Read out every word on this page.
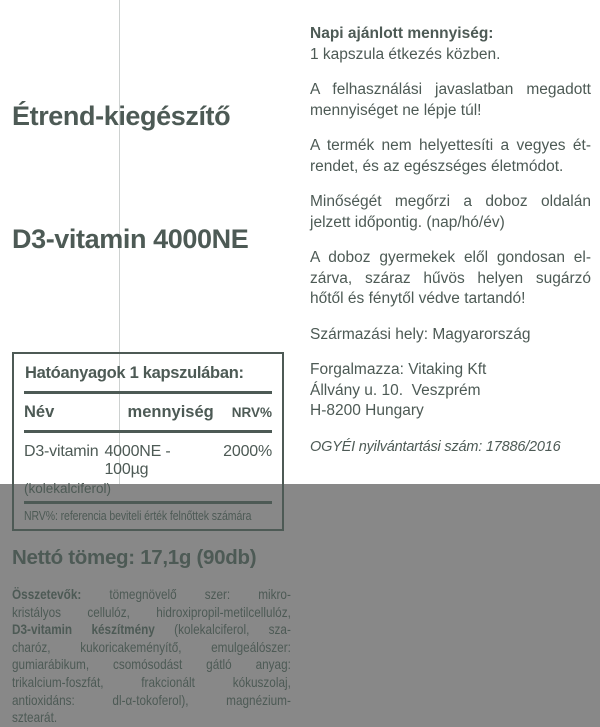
Étrend-kiegészítő

D3-vitamin 4000NE

Hatóanyagok 1 kapszulában:
Név	mennyiség NRV%
D3-vitamin 4000NE - 100µg
2000%
(kolekalciferol)
NRV%: referencia beviteli érték felnőttek számára
Nettó tömeg: 17,1g (90db)
Összetevők: tömegnövelő szer: mikro-
kristályos cellulóz, hidroxipropil-metilcellulóz,
D3-vitamin készítmény (kolekalciferol, sza-
charóz, kukoricakeményítő, emulgeálószer:
gumiarábikum, csomósodást gátló anyag:
trikalcium-foszfát, frakcionált kókuszolaj,
antioxidáns: dl-α-tokoferol), magnézium-
sztearát.
Napi ajánlott mennyiség:
1 kapszula étkezés közben.
A felhasználási javaslatban megadott
mennyiséget ne lépje túl!
A termék nem helyettesíti a vegyes ét-
rendet, és az egészséges életmódot.
Minőségét megőrzi a doboz oldalán
jelzett időpontig. (nap/hó/év)
A doboz gyermekek elől gondosan el-
zárva, száraz hűvös helyen sugárzó
hőtől és fénytől védve tartandó!
Származási hely: Magyarország
Forgalmazza: Vitaking Kft
Állvány u. 10.  Veszprém
H-8200 Hungary
OGYÉI nyilvántartási szám: 17886/2016
